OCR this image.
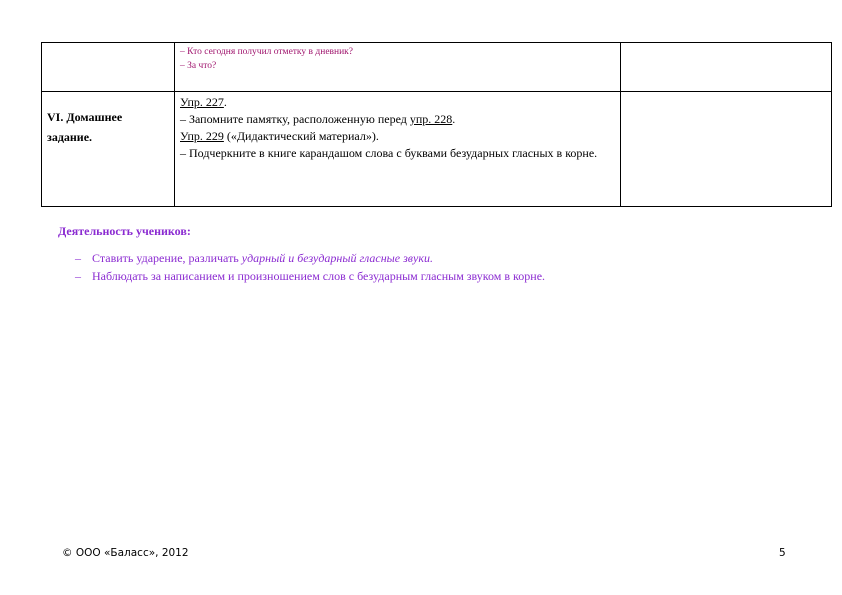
	– Кто сегодня получил отметку в дневник?
– За что?	

VI. Домашнее задание.	Упр. 227.
– Запомните памятку, расположенную перед упр. 228.
Упр. 229 («Дидактический материал»).
– Подчеркните в книге карандашом слова с буквами безударных гласных в корне.	

Деятельность учеников:
– Ставить ударение, различать ударный и безударный гласные звуки.
– Наблюдать за написанием и произношением слов с безударным гласным звуком в корне.
© ООО «Баласс», 2012	5
